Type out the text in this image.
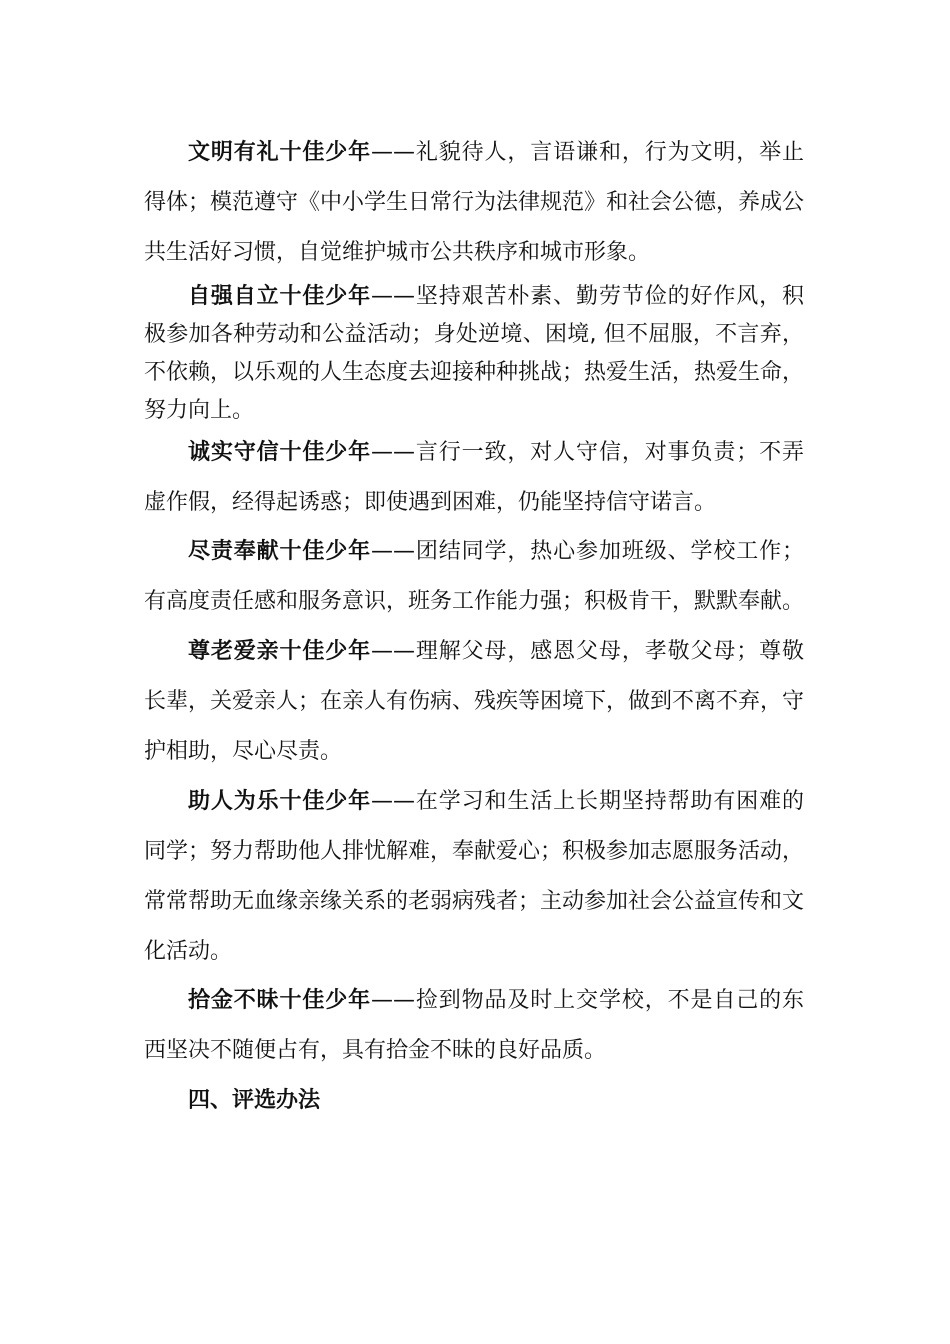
文明有礼十佳少年——礼貌待人，言语谦和，行为文明，举止得体；模范遵守《中小学生日常行为法律规范》和社会公德，养成公共生活好习惯，自觉维护城市公共秩序和城市形象。

自强自立十佳少年——坚持艰苦朴素、勤劳节俭的好作风，积极参加各种劳动和公益活动；身处逆境、困境, 但不屈服，不言弃，不依赖，以乐观的人生态度去迎接种种挑战；热爱生活，热爱生命，努力向上。

诚实守信十佳少年——言行一致，对人守信，对事负责；不弄虚作假，经得起诱惑；即使遇到困难，仍能坚持信守诺言。

尽责奉献十佳少年——团结同学，热心参加班级、学校工作；有高度责任感和服务意识，班务工作能力强；积极肯干，默默奉献。

尊老爱亲十佳少年——理解父母，感恩父母，孝敬父母；尊敬长辈，关爱亲人；在亲人有伤病、残疾等困境下，做到不离不弃，守护相助，尽心尽责。

助人为乐十佳少年——在学习和生活上长期坚持帮助有困难的同学；努力帮助他人排忧解难，奉献爱心；积极参加志愿服务活动，常常帮助无血缘亲缘关系的老弱病残者；主动参加社会公益宣传和文化活动。

拾金不昧十佳少年——捡到物品及时上交学校，不是自己的东西坚决不随便占有，具有拾金不昧的良好品质。

四、评选办法
